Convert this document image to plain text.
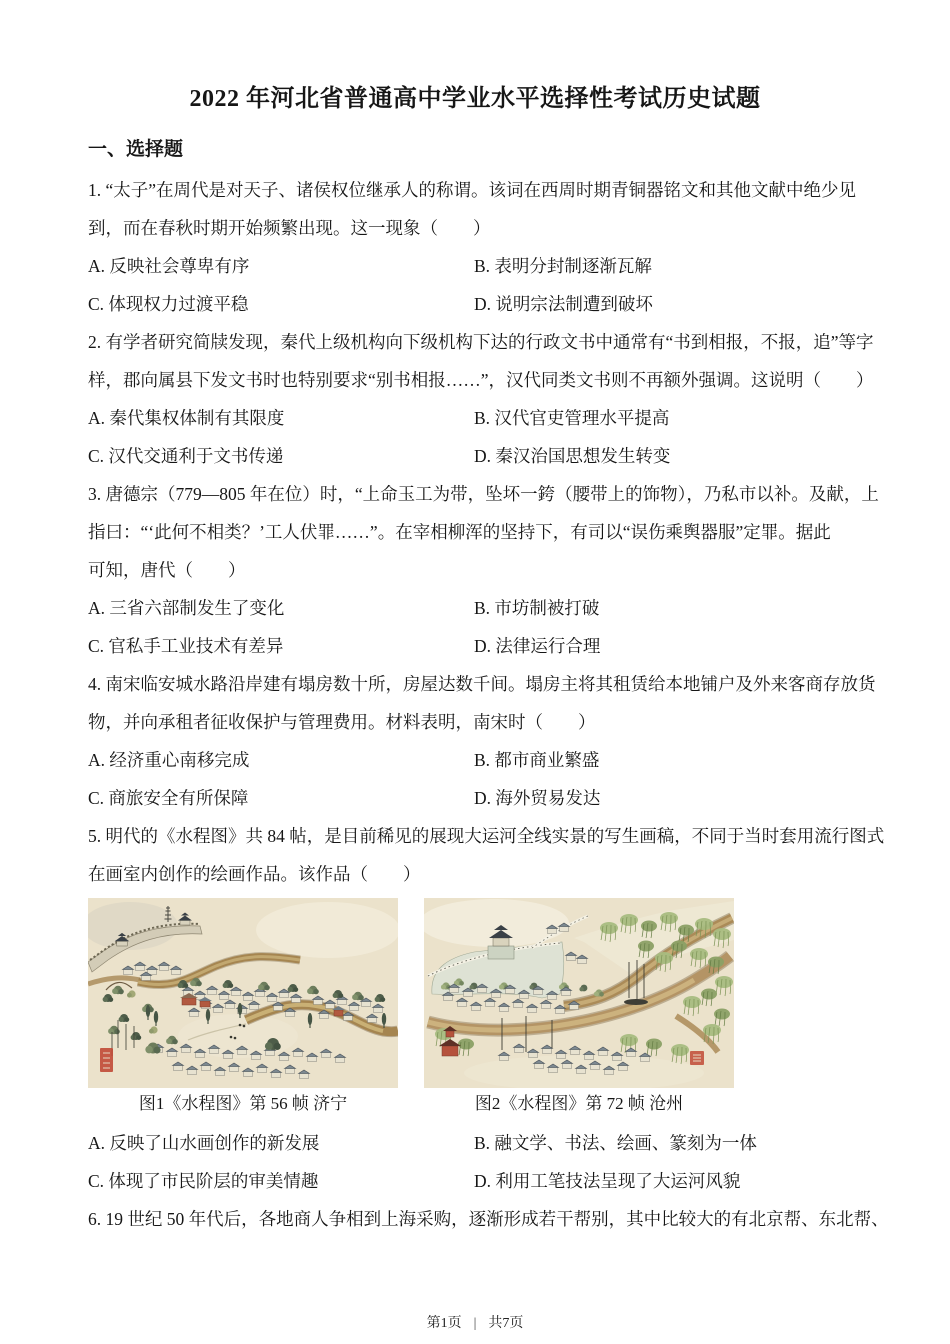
2022 年河北省普通高中学业水平选择性考试历史试题
一、选择题
1. “太子”在周代是对天子、诸侯权位继承人的称谓。该词在西周时期青铜器铭文和其他文献中绝少见
到，而在春秋时期开始频繁出现。这一现象（　　）
A. 反映社会尊卑有序	B. 表明分封制逐渐瓦解
C. 体现权力过渡平稳	D. 说明宗法制遭到破坏
2. 有学者研究简牍发现，秦代上级机构向下级机构下达的行政文书中通常有“书到相报，不报，追”等字
样，郡向属县下发文书时也特别要求“别书相报……”，汉代同类文书则不再额外强调。这说明（　　）
A. 秦代集权体制有其限度	B. 汉代官吏管理水平提高
C. 汉代交通利于文书传递	D. 秦汉治国思想发生转变
3. 唐德宗（779—805 年在位）时，“上命玉工为带，坠坏一銙（腰带上的饰物），乃私市以补。及献，上
指曰：“‘此何不相类？’工人伏罪……”。在宰相柳浑的坚持下，有司以“误伤乘舆器服”定罪。据此
可知，唐代（　　）
A. 三省六部制发生了变化	B. 市坊制被打破
C. 官私手工业技术有差异	D. 法律运行合理
4. 南宋临安城水路沿岸建有塌房数十所，房屋达数千间。塌房主将其租赁给本地铺户及外来客商存放货
物，并向承租者征收保护与管理费用。材料表明，南宋时（　　）
A. 经济重心南移完成	B. 都市商业繁盛
C. 商旅安全有所保障	D. 海外贸易发达
5. 明代的《水程图》共 84 帖，是目前稀见的展现大运河全线实景的写生画稿，不同于当时套用流行图式
在画室内创作的绘画作品。该作品（　　）
图1《水程图》第 56 帧 济宁	图2《水程图》第 72 帧 沧州
A. 反映了山水画创作的新发展	B. 融文学、书法、绘画、篆刻为一体
C. 体现了市民阶层的审美情趣	D. 利用工笔技法呈现了大运河风貌
6. 19 世纪 50 年代后，各地商人争相到上海采购，逐渐形成若干帮别，其中比较大的有北京帮、东北帮、
第1页 | 共7页
